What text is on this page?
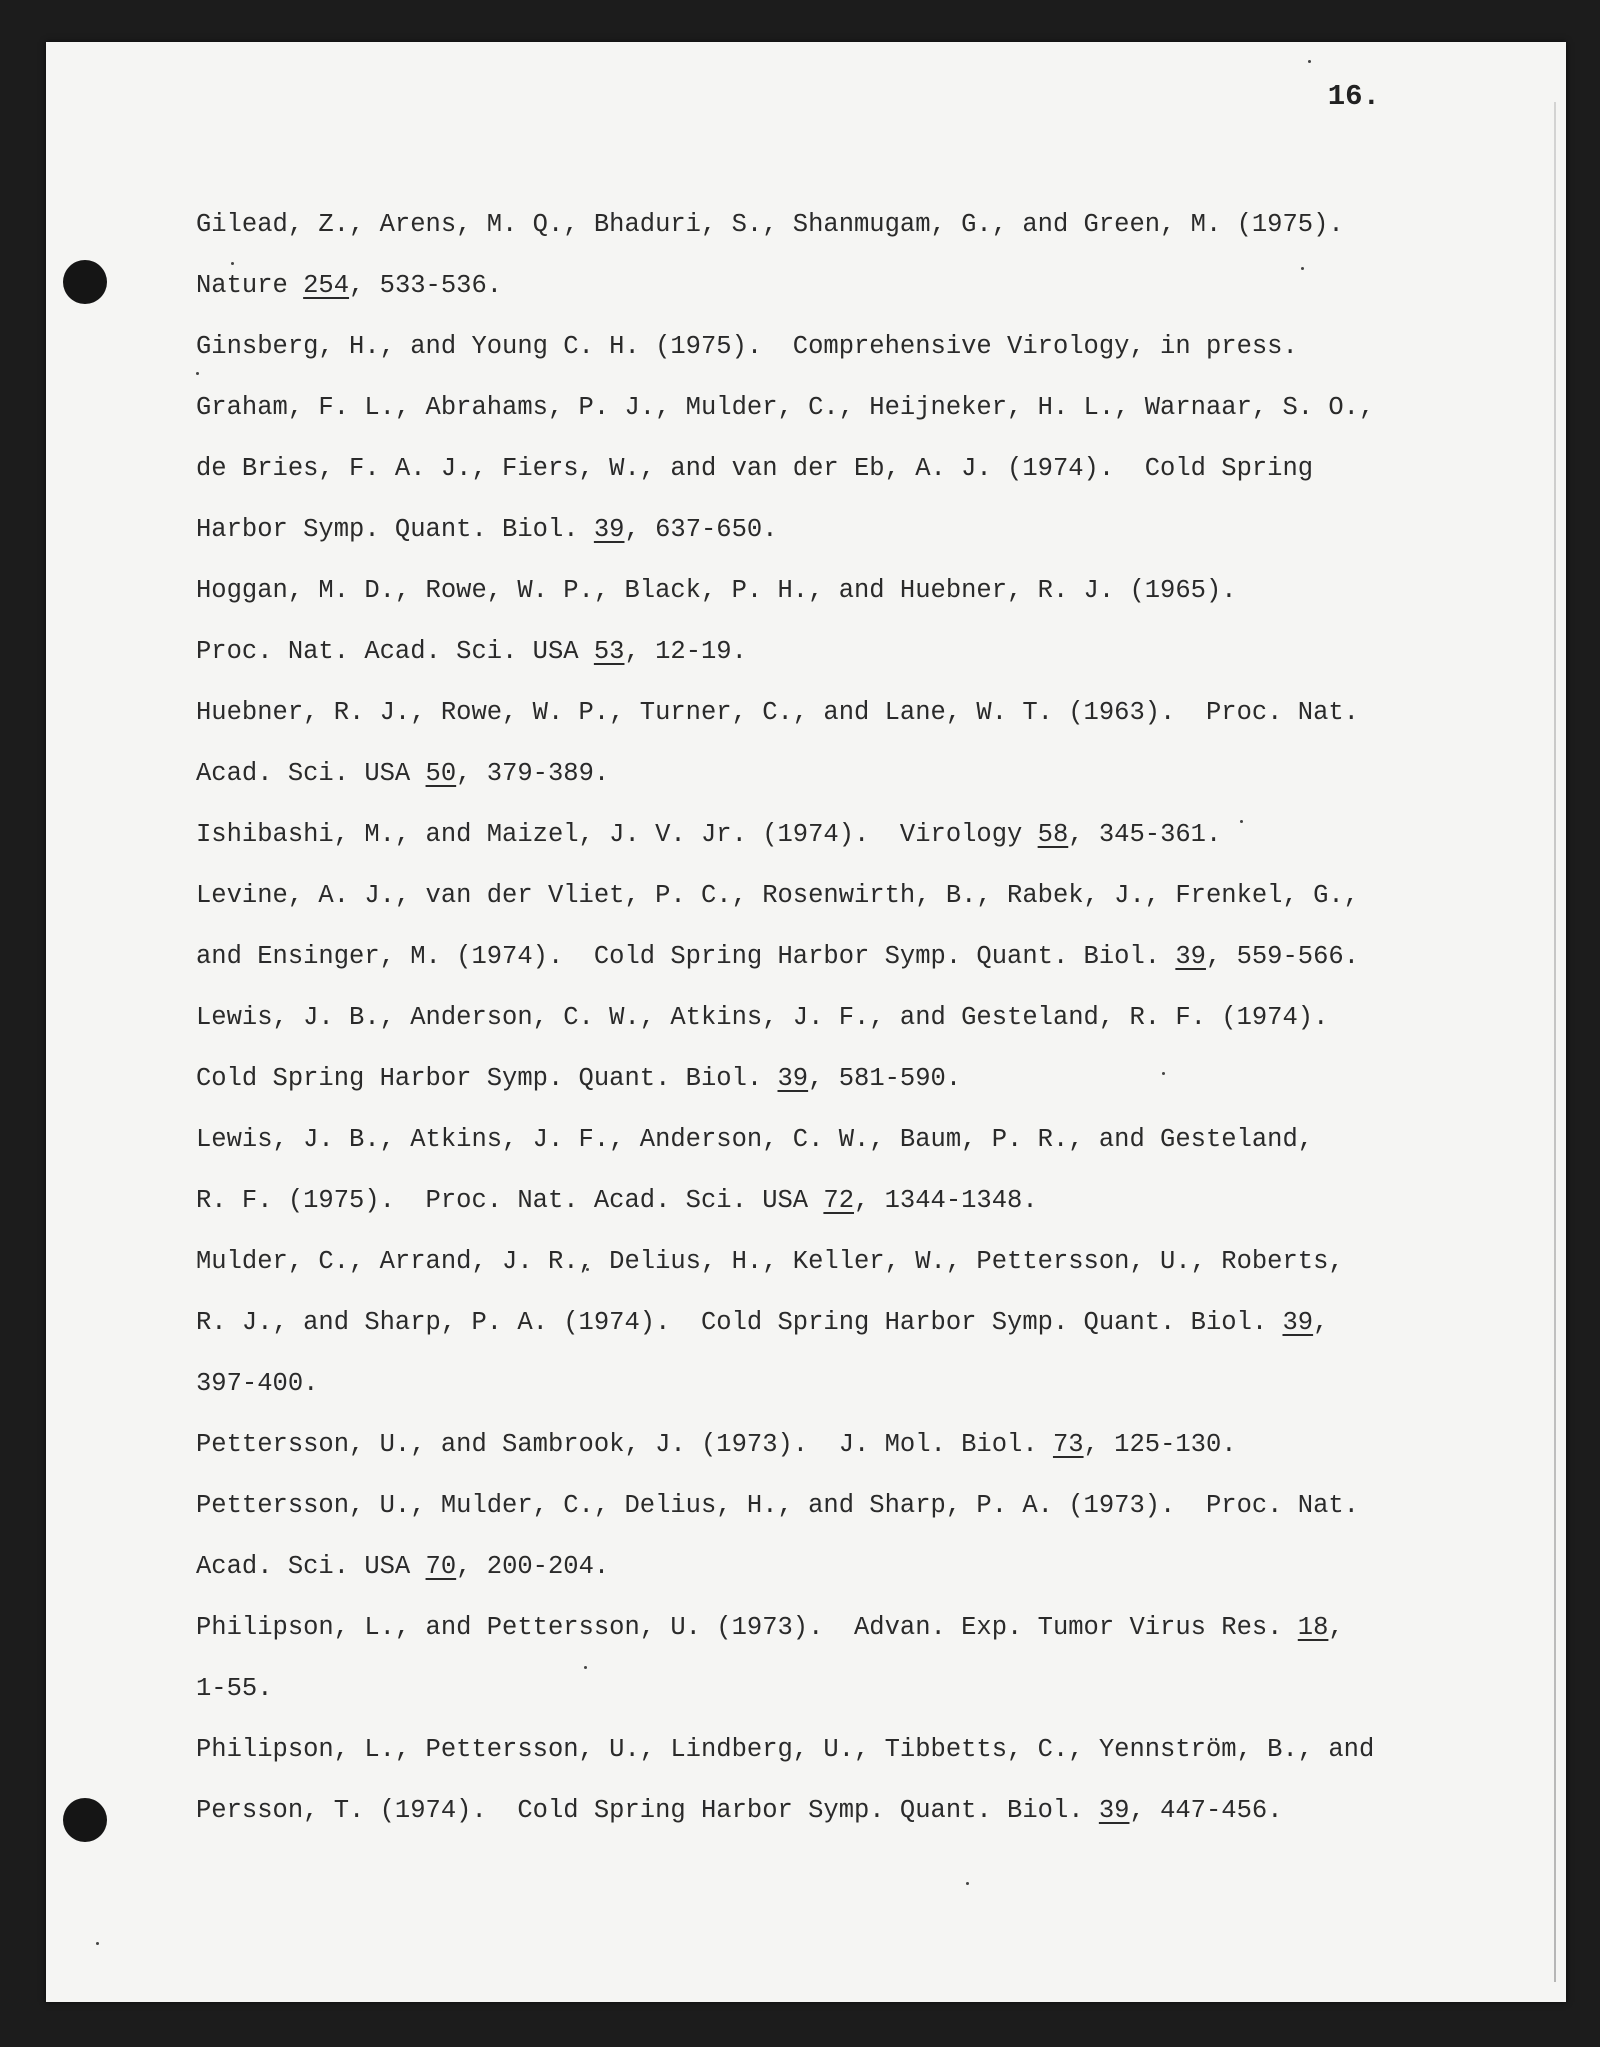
16.
Gilead, Z., Arens, M. Q., Bhaduri, S., Shanmugam, G., and Green, M. (1975).
Nature 254, 533-536.
Ginsberg, H., and Young C. H. (1975).  Comprehensive Virology, in press.
Graham, F. L., Abrahams, P. J., Mulder, C., Heijneker, H. L., Warnaar, S. O.,
de Bries, F. A. J., Fiers, W., and van der Eb, A. J. (1974).  Cold Spring
Harbor Symp. Quant. Biol. 39, 637-650.
Hoggan, M. D., Rowe, W. P., Black, P. H., and Huebner, R. J. (1965).
Proc. Nat. Acad. Sci. USA 53, 12-19.
Huebner, R. J., Rowe, W. P., Turner, C., and Lane, W. T. (1963).  Proc. Nat.
Acad. Sci. USA 50, 379-389.
Ishibashi, M., and Maizel, J. V. Jr. (1974).  Virology 58, 345-361.
Levine, A. J., van der Vliet, P. C., Rosenwirth, B., Rabek, J., Frenkel, G.,
and Ensinger, M. (1974).  Cold Spring Harbor Symp. Quant. Biol. 39, 559-566.
Lewis, J. B., Anderson, C. W., Atkins, J. F., and Gesteland, R. F. (1974).
Cold Spring Harbor Symp. Quant. Biol. 39, 581-590.
Lewis, J. B., Atkins, J. F., Anderson, C. W., Baum, P. R., and Gesteland,
R. F. (1975).  Proc. Nat. Acad. Sci. USA 72, 1344-1348.
Mulder, C., Arrand, J. R., Delius, H., Keller, W., Pettersson, U., Roberts,
R. J., and Sharp, P. A. (1974).  Cold Spring Harbor Symp. Quant. Biol. 39,
397-400.
Pettersson, U., and Sambrook, J. (1973).  J. Mol. Biol. 73, 125-130.
Pettersson, U., Mulder, C., Delius, H., and Sharp, P. A. (1973).  Proc. Nat.
Acad. Sci. USA 70, 200-204.
Philipson, L., and Pettersson, U. (1973).  Advan. Exp. Tumor Virus Res. 18,
1-55.
Philipson, L., Pettersson, U., Lindberg, U., Tibbetts, C., Yennström, B., and
Persson, T. (1974).  Cold Spring Harbor Symp. Quant. Biol. 39, 447-456.
